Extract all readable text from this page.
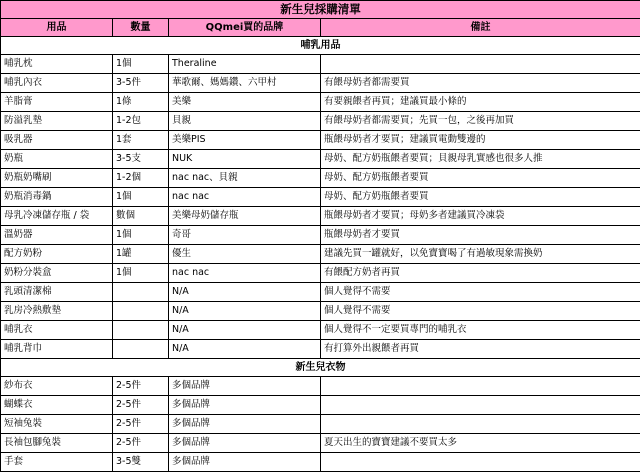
新生兒採購清單			
用品	數量	QQmei買的品牌	備註
哺乳用品			
哺乳枕	1個	Theraline	
哺乳內衣	3-5件	華歌爾、媽媽鑽、六甲村	有餵母奶者都需要買
羊脂膏	1條	美樂	有要親餵者再買；建議買最小條的
防溢乳墊	1-2包	貝親	有餵母奶者都需要買；先買一包，之後再加買
吸乳器	1套	美樂PIS	瓶餵母奶者才要買；建議買電動雙邊的
奶瓶	3-5支	NUK	母奶、配方奶瓶餵者要買；貝親母乳實感也很多人推
奶瓶奶嘴刷	1-2個	nac nac、貝親	母奶、配方奶瓶餵者要買
奶瓶消毒鍋	1個	nac nac	母奶、配方奶瓶餵者要買
母乳冷凍儲存瓶 / 袋	數個	美樂母奶儲存瓶	瓶餵母奶者才要買；母奶多者建議買冷凍袋
溫奶器	1個	奇哥	瓶餵母奶者才要買
配方奶粉	1罐	優生	建議先買一罐就好，以免寶寶喝了有過敏現象需換奶
奶粉分裝盒	1個	nac nac	有餵配方奶者再買
乳頭清潔棉		N/A	個人覺得不需要
乳房冷熱敷墊		N/A	個人覺得不需要
哺乳衣		N/A	個人覺得不一定要買專門的哺乳衣
哺乳背巾		N/A	有打算外出親餵者再買
新生兒衣物			
紗布衣	2-5件	多個品牌	
蝴蝶衣	2-5件	多個品牌	
短袖兔裝	2-5件	多個品牌	
長袖包腳兔裝	2-5件	多個品牌	夏天出生的寶寶建議不要買太多
手套	3-5雙	多個品牌	
